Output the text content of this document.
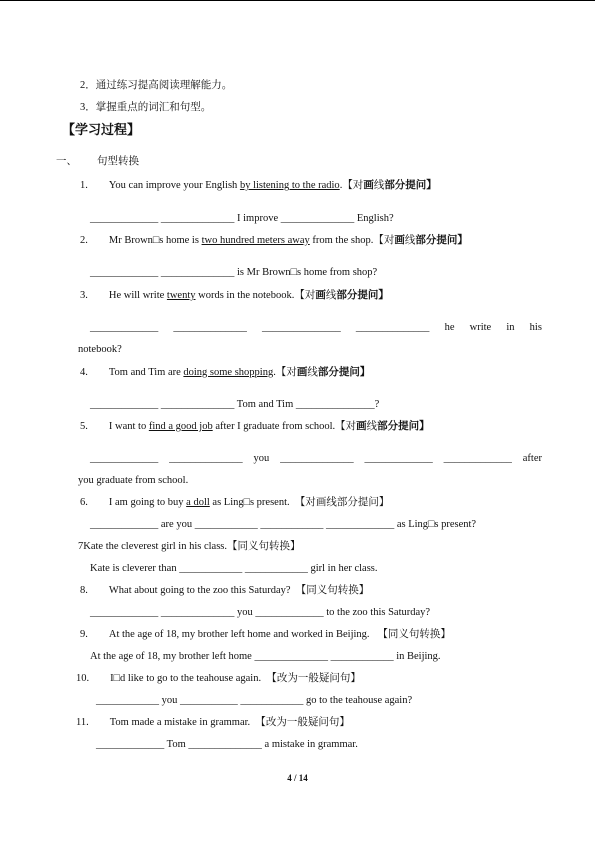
2．通过练习提高阅读理解能力。
3．掌握重点的词汇和句型。
【学习过程】
一、 句型转换
1. You can improve your English by listening to the radio.【对画线部分提问】
_____________ ______________ I improve ______________ English?
2. Mr Brown□s home is two hundred meters away from the shop.【对画线部分提问】
_____________ ______________ is Mr Brown□s home from shop?
3. He will write twenty words in the notebook.【对画线部分提问】
_____________ ______________ _______________ ______________ he write in his
notebook?
4. Tom and Tim are doing some shopping.【对画线部分提问】
_____________ ______________ Tom and Tim _______________?
5. I want to find a good job after I graduate from school.【对画线部分提问】
_____________ ______________ you ______________ _____________ _____________ after
you graduate from school.
6. I am going to buy a doll as Ling□s present. 【对画线部分提问】
_____________ are you ____________ ____________ _____________ as Ling□s present?
7Kate the cleverest girl in his class.【同义句转换】
Kate is cleverer than ____________ ____________ girl in her class.
8. What about going to the zoo this Saturday? 【同义句转换】
_____________ ______________ you _____________ to the zoo this Saturday?
9. At the age of 18, my brother left home and worked in Beijing. 【同义句转换】
At the age of 18, my brother left home ______________ ____________ in Beijing.
10. I□d like to go to the teahouse again. 【改为一般疑问句】
____________ you ___________ ____________ go to the teahouse again?
11. Tom made a mistake in grammar. 【改为一般疑问句】
_____________ Tom ______________ a mistake in grammar.
4 / 14
